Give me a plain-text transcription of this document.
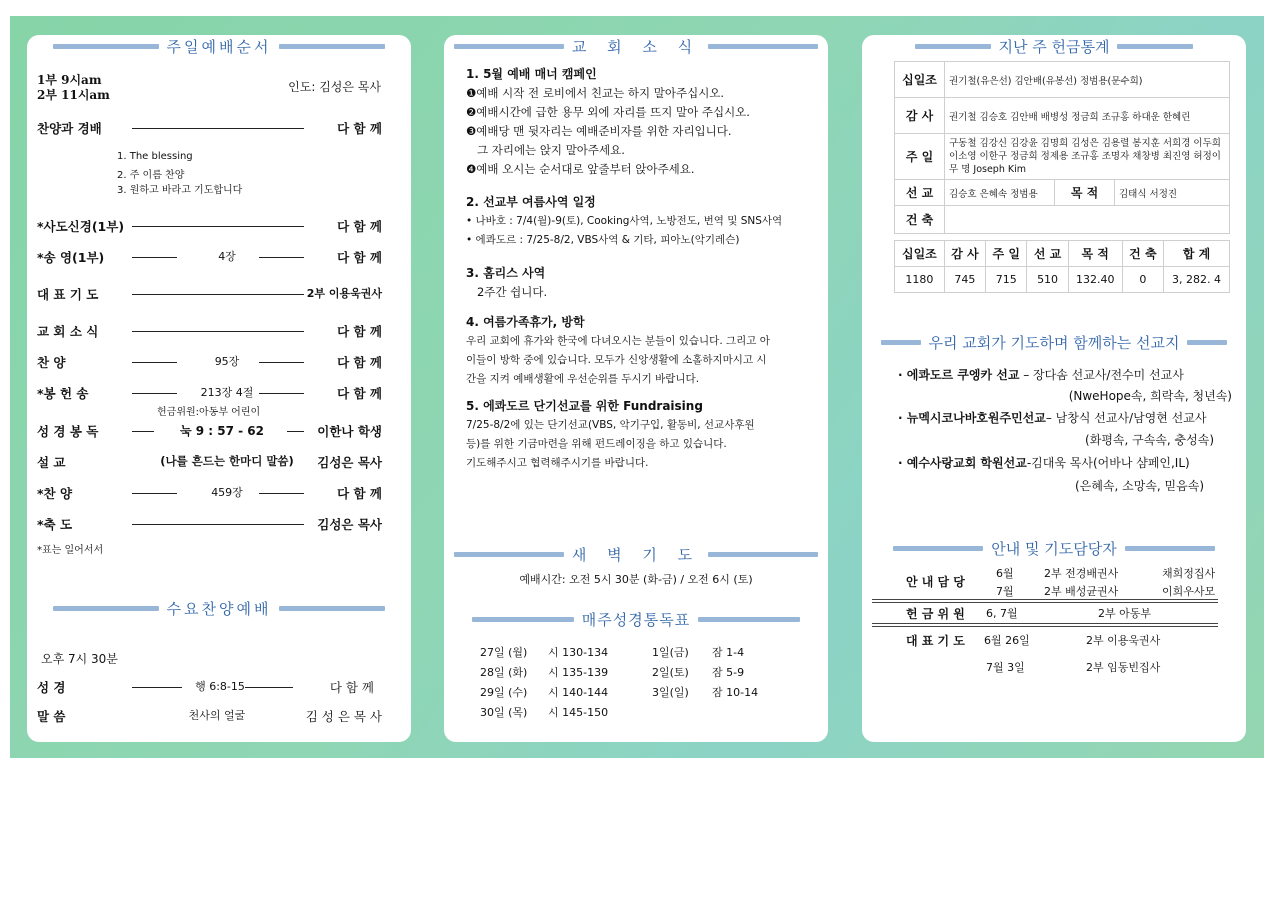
주일예배순서
1부 9시am
2부 11시am
인도: 김성은 목사
찬양과 경배	다 함 께
1. The blessing
2. 주 이름 찬양
3. 원하고 바라고 기도합니다
*사도신경(1부)	다 함 께
*송 영(1부)	4장	다 함 께
대 표 기 도	2부 이용욱권사
교 회 소 식	다 함 께
찬 양	95장	다 함 께
*봉 헌 송	213장 4절	다 함 께
헌금위원:아동부 어린이
성 경 봉 독	눅 9 : 57 - 62	이한나 학생
설 교	(나를 흔드는 한마디 말씀)	김성은 목사
*찬 양	459장	다 함 께
*축 도	김성은 목사
*표는 일어서서
수요찬양예배
오후 7시 30분
성 경	행 6:8-15	다 함 께
말 씀	천사의 얼굴	김 성 은 목 사
교 회 소 식
1. 5월 예배 매너 캠페인
❶예배 시작 전 로비에서 친교는 하지 말아주십시오.
❷예배시간에 급한 용무 외에 자리를 뜨지 말아 주십시오.
❸예배당 맨 뒷자리는 예배준비자를 위한 자리입니다.
그 자리에는 앉지 말아주세요.
❹예배 오시는 순서대로 앞줄부터 앉아주세요.
2. 선교부 여름사역 일정
• 나바호 : 7/4(월)-9(토), Cooking사역, 노방전도, 번역 및 SNS사역
• 에콰도르 : 7/25-8/2, VBS사역 & 기타, 피아노(악기레슨)
3. 홈리스 사역
2주간 쉽니다.
4. 여름가족휴가, 방학
우리 교회에 휴가와 한국에 다녀오시는 분들이 있습니다. 그리고 아
이들이 방학 중에 있습니다. 모두가 신앙생활에 소홀하지마시고 시
간을 지켜 예배생활에 우선순위를 두시기 바랍니다.
5. 에콰도르 단기선교를 위한 Fundraising
7/25-8/2에 있는 단기선교(VBS, 악기구입, 활동비, 선교사후원
등)를 위한 기금마련을 위해 펀드레이징을 하고 있습니다.
기도해주시고 협력해주시기를 바랍니다.
새 벽 기 도
예배시간: 오전 5시 30분 (화-금) / 오전 6시 (토)
매주성경통독표
27일 (월) 시 130-134	1일(금) 잠 1-4
28일 (화) 시 135-139	2일(토) 잠 5-9
29일 (수) 시 140-144	3일(일) 잠 10-14
30일 (목) 시 145-150
지난 주 헌금통계
십일조	권기철(유은선) 김안배(유봉선) 정범용(문수희)		
감 사	권기철 김승호 김안배 배병성 정금희 조규홍 하대운 한혜린		
주 일	구동철 김강신 김강윤 김명희 김성은 김용렬 봉지훈 서희경 이두희 이소영 이한구 정금희 정제용 조규홍 조명자 채창병 최진영 허정이 무 명 Joseph Kim		
선 교	김승호 은혜속 정범용	목 적	김태식 서정진
건 축			
십일조	감 사	주 일	선 교	목 적	건 축	합 계
1180	745	715	510	132.40	0	3, 282. 4
우리 교회가 기도하며 함께하는 선교지
· 에콰도르 쿠엥카 선교 – 장다솜 선교사/전수미 선교사
(NweHope속, 희락속, 청년속)
· 뉴멕시코나바호원주민선교– 남창식 선교사/남영현 선교사
(화평속, 구속속, 충성속)
· 예수사랑교회 학원선교-김대욱 목사(어바나 샴페인,IL)
(은혜속, 소망속, 믿음속)
안내 및 기도담당자
안 내 담 당
6월	2부 전경배권사	채희정집사
7월	2부 배성균권사	이희우사모
헌 금 위 원 6, 7월	2부 아동부
대 표 기 도 6월 26일	2부 이용욱권사
7월 3일	2부 임동빈집사
